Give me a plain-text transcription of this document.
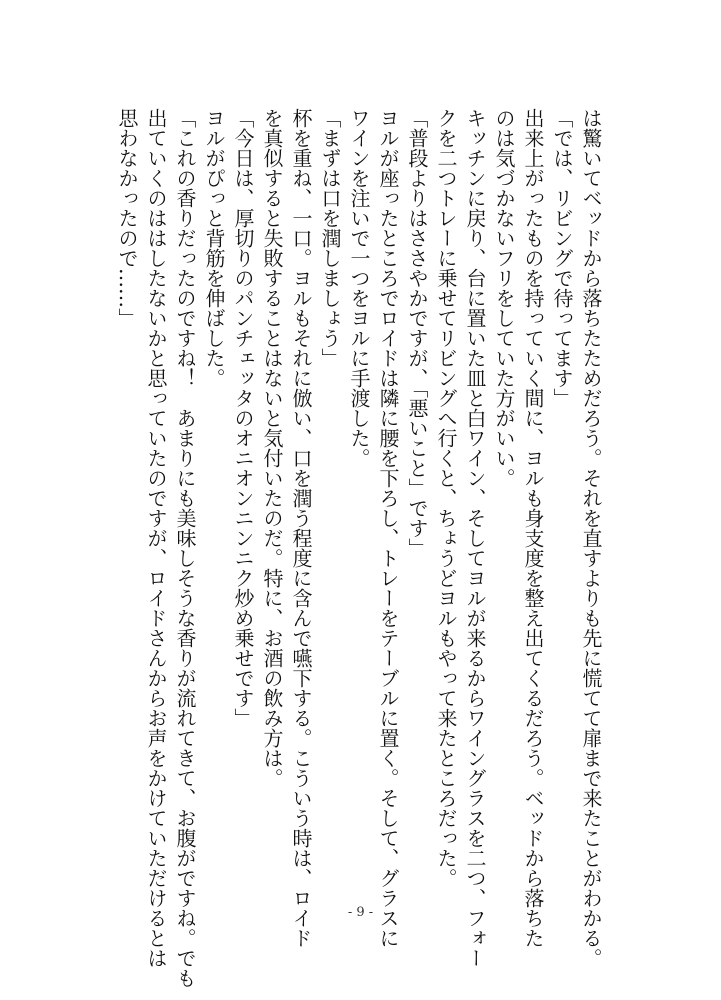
は驚いてベッドから落ちたためだろう。それを直すよりも先に慌てて扉まで来たことがわかる。
「では、リビングで待ってます」
出来上がったものを持っていく間に、ヨルも身支度を整え出てくるだろう。ベッドから落ちた
のは気づかないフリをしていた方がいい。
キッチンに戻り、台に置いた皿と白ワイン、そしてヨルが来るからワイングラスを二つ、フォー
クを二つトレーに乗せてリビングへ行くと、ちょうどヨルもやって来たところだった。
「普段よりはささやかですが、「悪いこと」です」
ヨルが座ったところでロイドは隣に腰を下ろし、トレーをテーブルに置く。そして、グラスに
ワインを注いで一つをヨルに手渡した。
「まずは口を潤しましょう」
杯を重ね、一口。ヨルもそれに倣い、口を潤う程度に含んで嚥下する。こういう時は、ロイド
を真似すると失敗することはないと気付いたのだ。特に、お酒の飲み方は。
「今日は、厚切りのパンチェッタのオニオンニンニク炒め乗せです」
ヨルがぴっと背筋を伸ばした。
「これの香りだったのですね！　あまりにも美味しそうな香りが流れてきて、お腹がですね。でも
出ていくのははしたないかと思っていたのですが、ロイドさんからお声をかけていただけるとは
思わなかったので……」
- 9 -
